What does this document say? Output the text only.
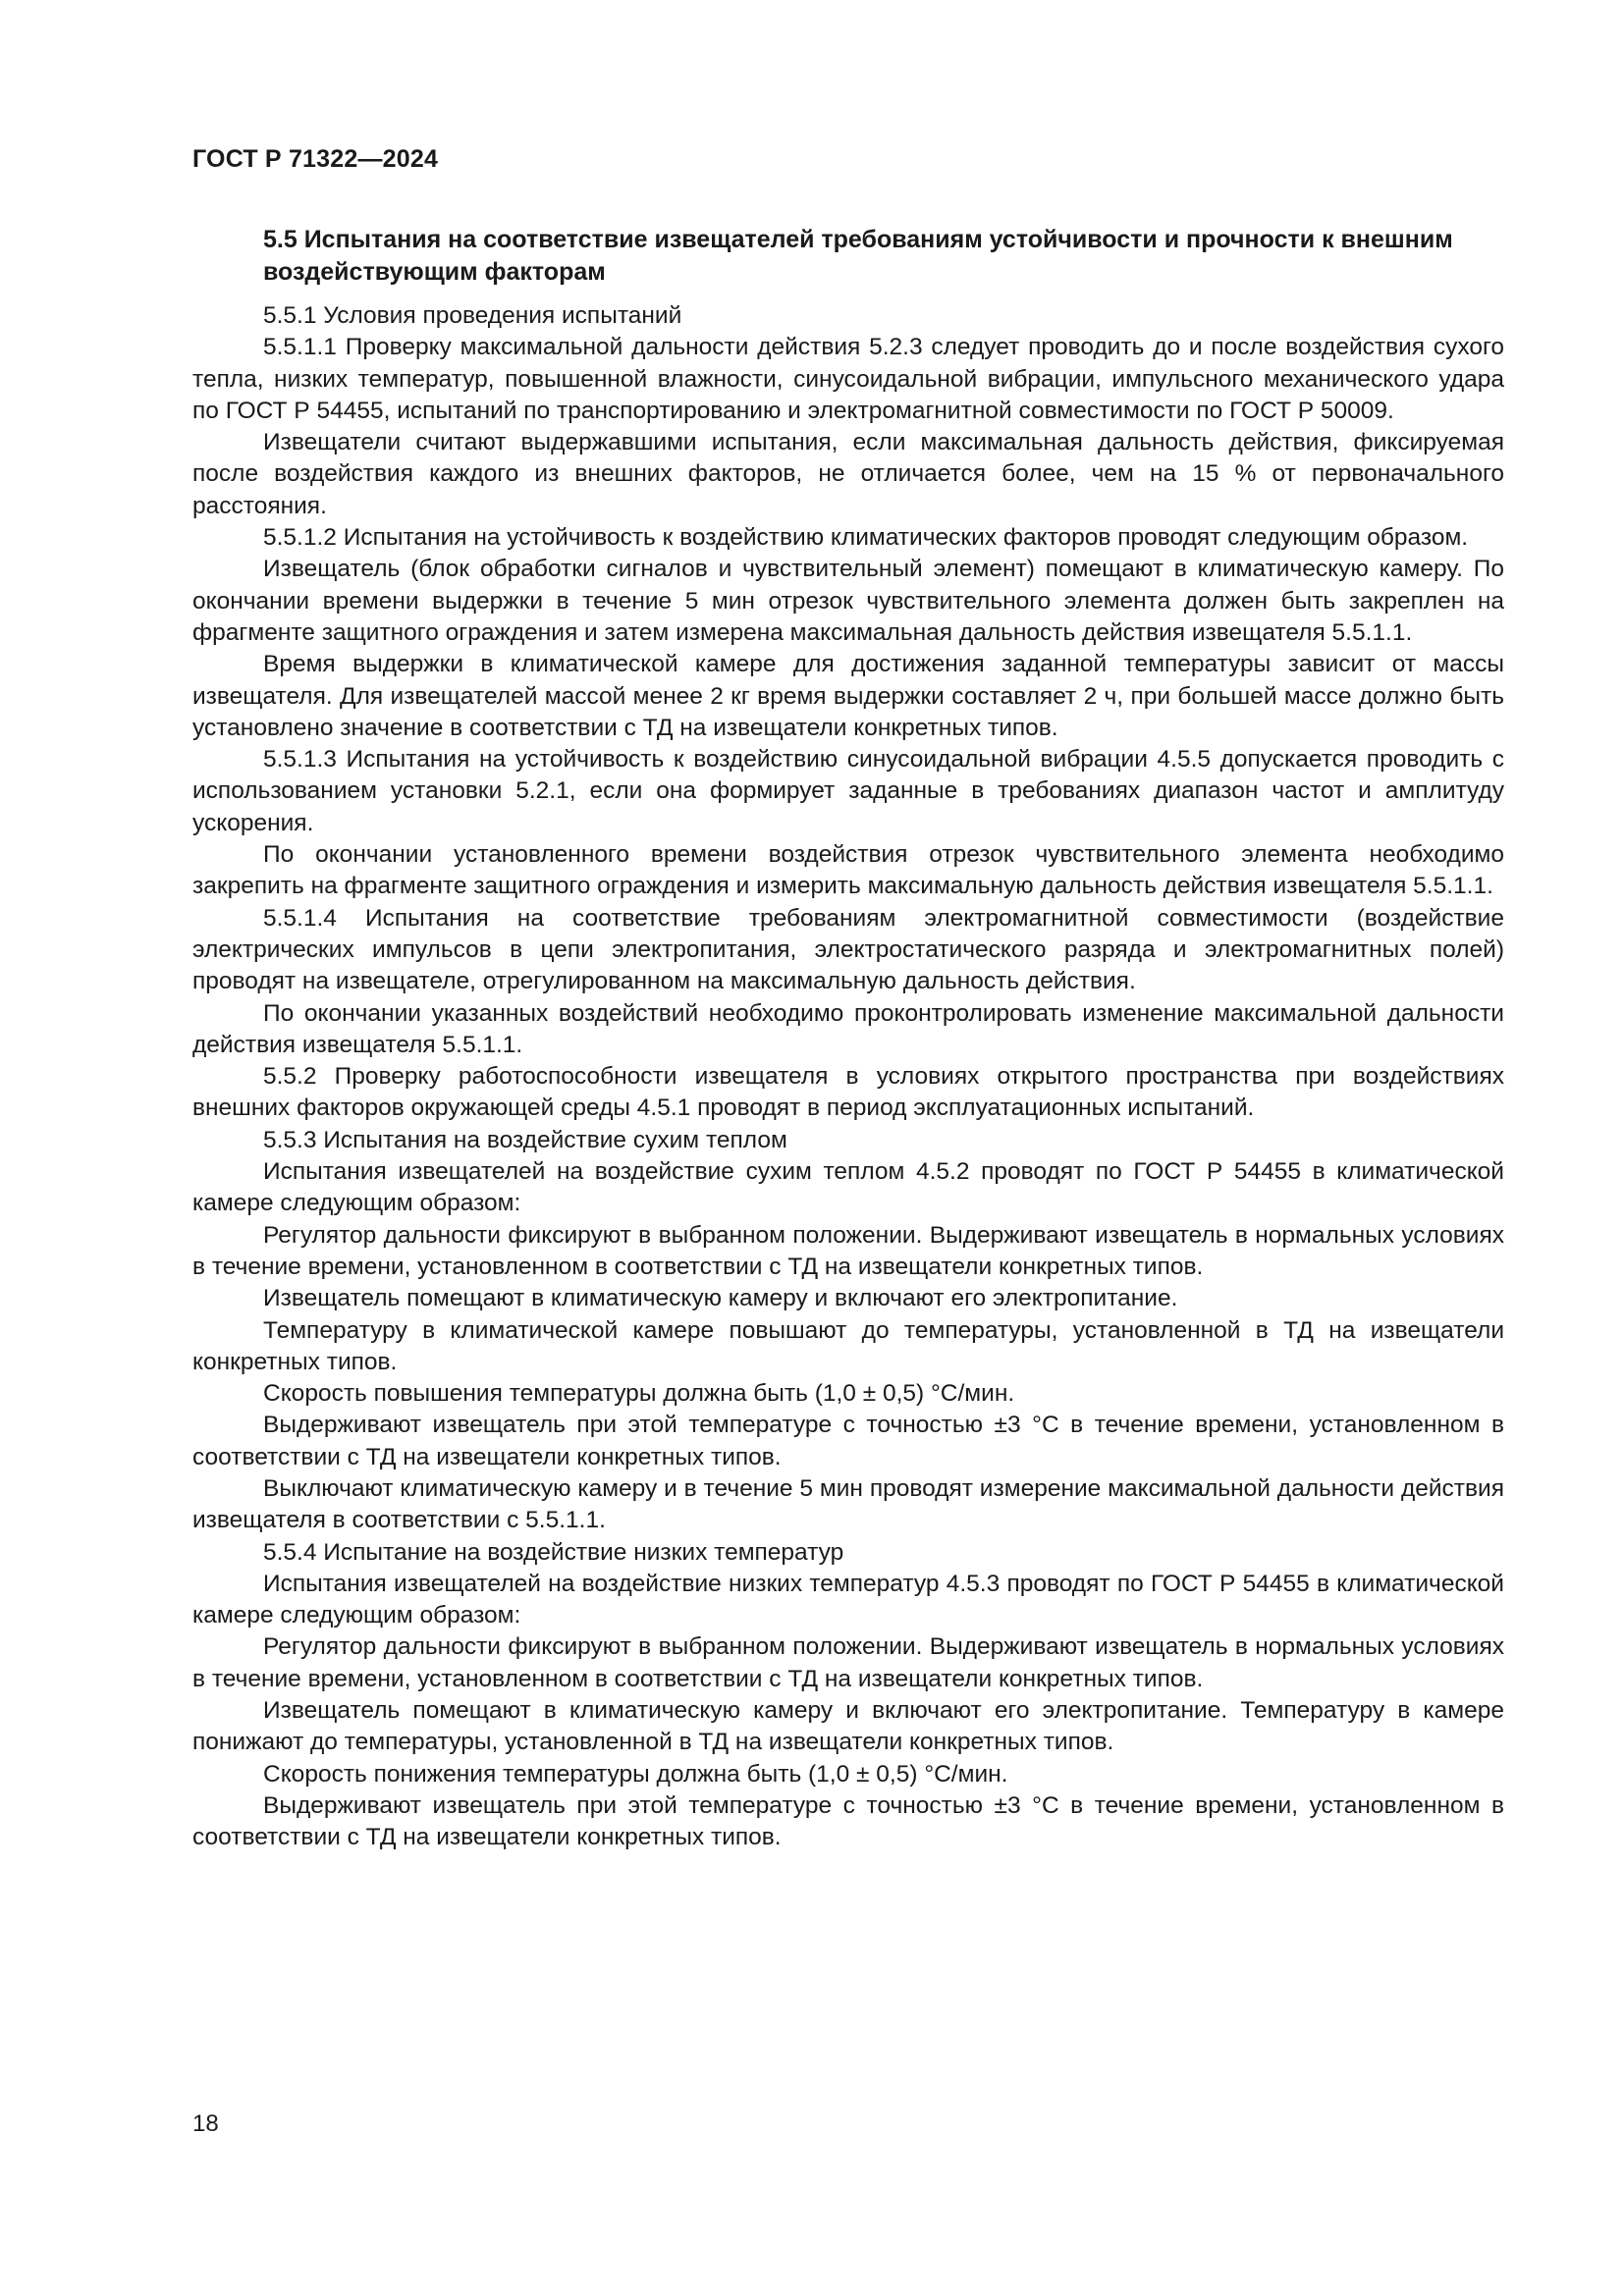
ГОСТ Р 71322—2024
5.5 Испытания на соответствие извещателей требованиям устойчивости и прочности к внешним воздействующим факторам

5.5.1 Условия проведения испытаний

5.5.1.1 Проверку максимальной дальности действия 5.2.3 следует проводить до и после воздействия сухого тепла, низких температур, повышенной влажности, синусоидальной вибрации, импульсного механического удара по ГОСТ Р 54455, испытаний по транспортированию и электромагнитной совместимости по ГОСТ Р 50009.

Извещатели считают выдержавшими испытания, если максимальная дальность действия, фиксируемая после воздействия каждого из внешних факторов, не отличается более, чем на 15 % от первоначального расстояния.

5.5.1.2 Испытания на устойчивость к воздействию климатических факторов проводят следующим образом.

Извещатель (блок обработки сигналов и чувствительный элемент) помещают в климатическую камеру. По окончании времени выдержки в течение 5 мин отрезок чувствительного элемента должен быть закреплен на фрагменте защитного ограждения и затем измерена максимальная дальность действия извещателя 5.5.1.1.

Время выдержки в климатической камере для достижения заданной температуры зависит от массы извещателя. Для извещателей массой менее 2 кг время выдержки составляет 2 ч, при большей массе должно быть установлено значение в соответствии с ТД на извещатели конкретных типов.

5.5.1.3 Испытания на устойчивость к воздействию синусоидальной вибрации 4.5.5 допускается проводить с использованием установки 5.2.1, если она формирует заданные в требованиях диапазон частот и амплитуду ускорения.

По окончании установленного времени воздействия отрезок чувствительного элемента необходимо закрепить на фрагменте защитного ограждения и измерить максимальную дальность действия извещателя 5.5.1.1.

5.5.1.4 Испытания на соответствие требованиям электромагнитной совместимости (воздействие электрических импульсов в цепи электропитания, электростатического разряда и электромагнитных полей) проводят на извещателе, отрегулированном на максимальную дальность действия.

По окончании указанных воздействий необходимо проконтролировать изменение максимальной дальности действия извещателя 5.5.1.1.

5.5.2 Проверку работоспособности извещателя в условиях открытого пространства при воздействиях внешних факторов окружающей среды 4.5.1 проводят в период эксплуатационных испытаний.

5.5.3 Испытания на воздействие сухим теплом

Испытания извещателей на воздействие сухим теплом 4.5.2 проводят по ГОСТ Р 54455 в климатической камере следующим образом:

Регулятор дальности фиксируют в выбранном положении. Выдерживают извещатель в нормальных условиях в течение времени, установленном в соответствии с ТД на извещатели конкретных типов.

Извещатель помещают в климатическую камеру и включают его электропитание.

Температуру в климатической камере повышают до температуры, установленной в ТД на извещатели конкретных типов.

Скорость повышения температуры должна быть (1,0 ± 0,5) °С/мин.

Выдерживают извещатель при этой температуре с точностью ±3 °С в течение времени, установленном в соответствии с ТД на извещатели конкретных типов.

Выключают климатическую камеру и в течение 5 мин проводят измерение максимальной дальности действия извещателя в соответствии с 5.5.1.1.

5.5.4 Испытание на воздействие низких температур

Испытания извещателей на воздействие низких температур 4.5.3 проводят по ГОСТ Р 54455 в климатической камере следующим образом:

Регулятор дальности фиксируют в выбранном положении. Выдерживают извещатель в нормальных условиях в течение времени, установленном в соответствии с ТД на извещатели конкретных типов.

Извещатель помещают в климатическую камеру и включают его электропитание. Температуру в камере понижают до температуры, установленной в ТД на извещатели конкретных типов.

Скорость понижения температуры должна быть (1,0 ± 0,5) °С/мин.

Выдерживают извещатель при этой температуре с точностью ±3 °С в течение времени, установленном в соответствии с ТД на извещатели конкретных типов.

18
